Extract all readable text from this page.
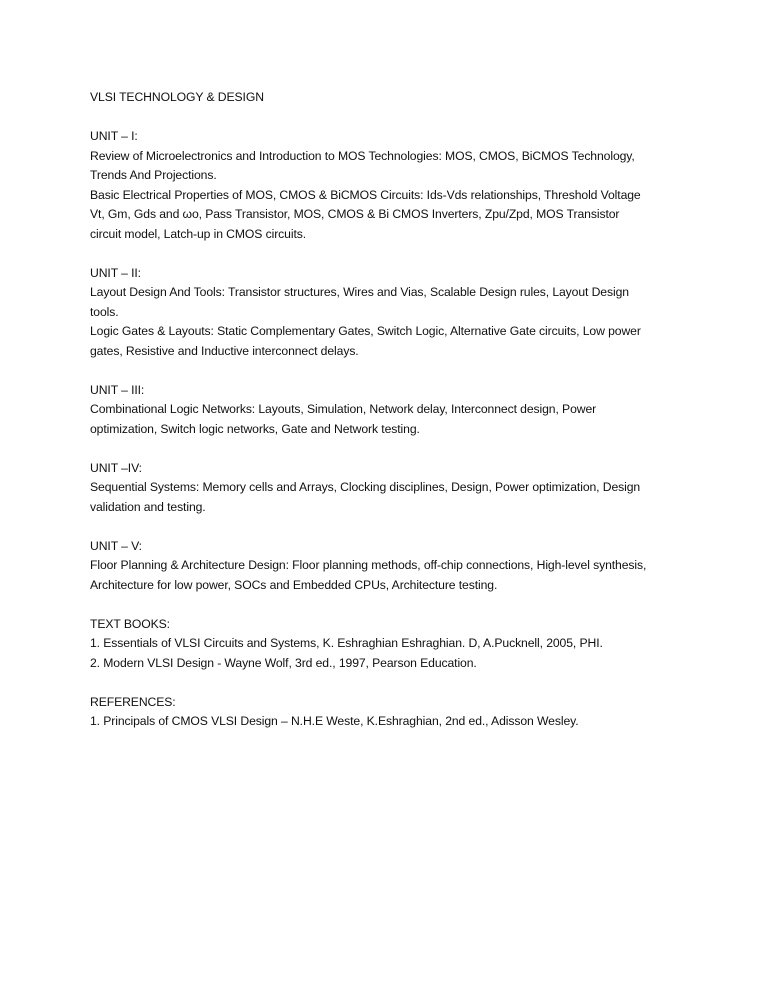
VLSI TECHNOLOGY & DESIGN
UNIT – I:
Review of Microelectronics and Introduction to MOS Technologies: MOS, CMOS, BiCMOS Technology, Trends And Projections.
Basic Electrical Properties of MOS, CMOS & BiCMOS Circuits: Ids-Vds relationships, Threshold Voltage Vt, Gm, Gds and ωo, Pass Transistor, MOS, CMOS & Bi CMOS Inverters, Zpu/Zpd, MOS Transistor circuit model, Latch-up in CMOS circuits.
UNIT – II:
Layout Design And Tools: Transistor structures, Wires and Vias, Scalable Design rules, Layout Design tools.
Logic Gates & Layouts: Static Complementary Gates, Switch Logic, Alternative Gate circuits, Low power gates, Resistive and Inductive interconnect delays.
UNIT – III:
Combinational Logic Networks: Layouts, Simulation, Network delay, Interconnect design, Power optimization, Switch logic networks, Gate and Network testing.
UNIT –IV:
Sequential Systems: Memory cells and Arrays, Clocking disciplines, Design, Power optimization, Design validation and testing.
UNIT – V:
Floor Planning & Architecture Design: Floor planning methods, off-chip connections, High-level synthesis, Architecture for low power, SOCs and Embedded CPUs, Architecture testing.
TEXT BOOKS:
1. Essentials of VLSI Circuits and Systems, K. Eshraghian Eshraghian. D, A.Pucknell, 2005, PHI.
2. Modern VLSI Design - Wayne Wolf, 3rd ed., 1997, Pearson Education.
REFERENCES:
1. Principals of CMOS VLSI Design – N.H.E Weste, K.Eshraghian, 2nd ed., Adisson Wesley.
